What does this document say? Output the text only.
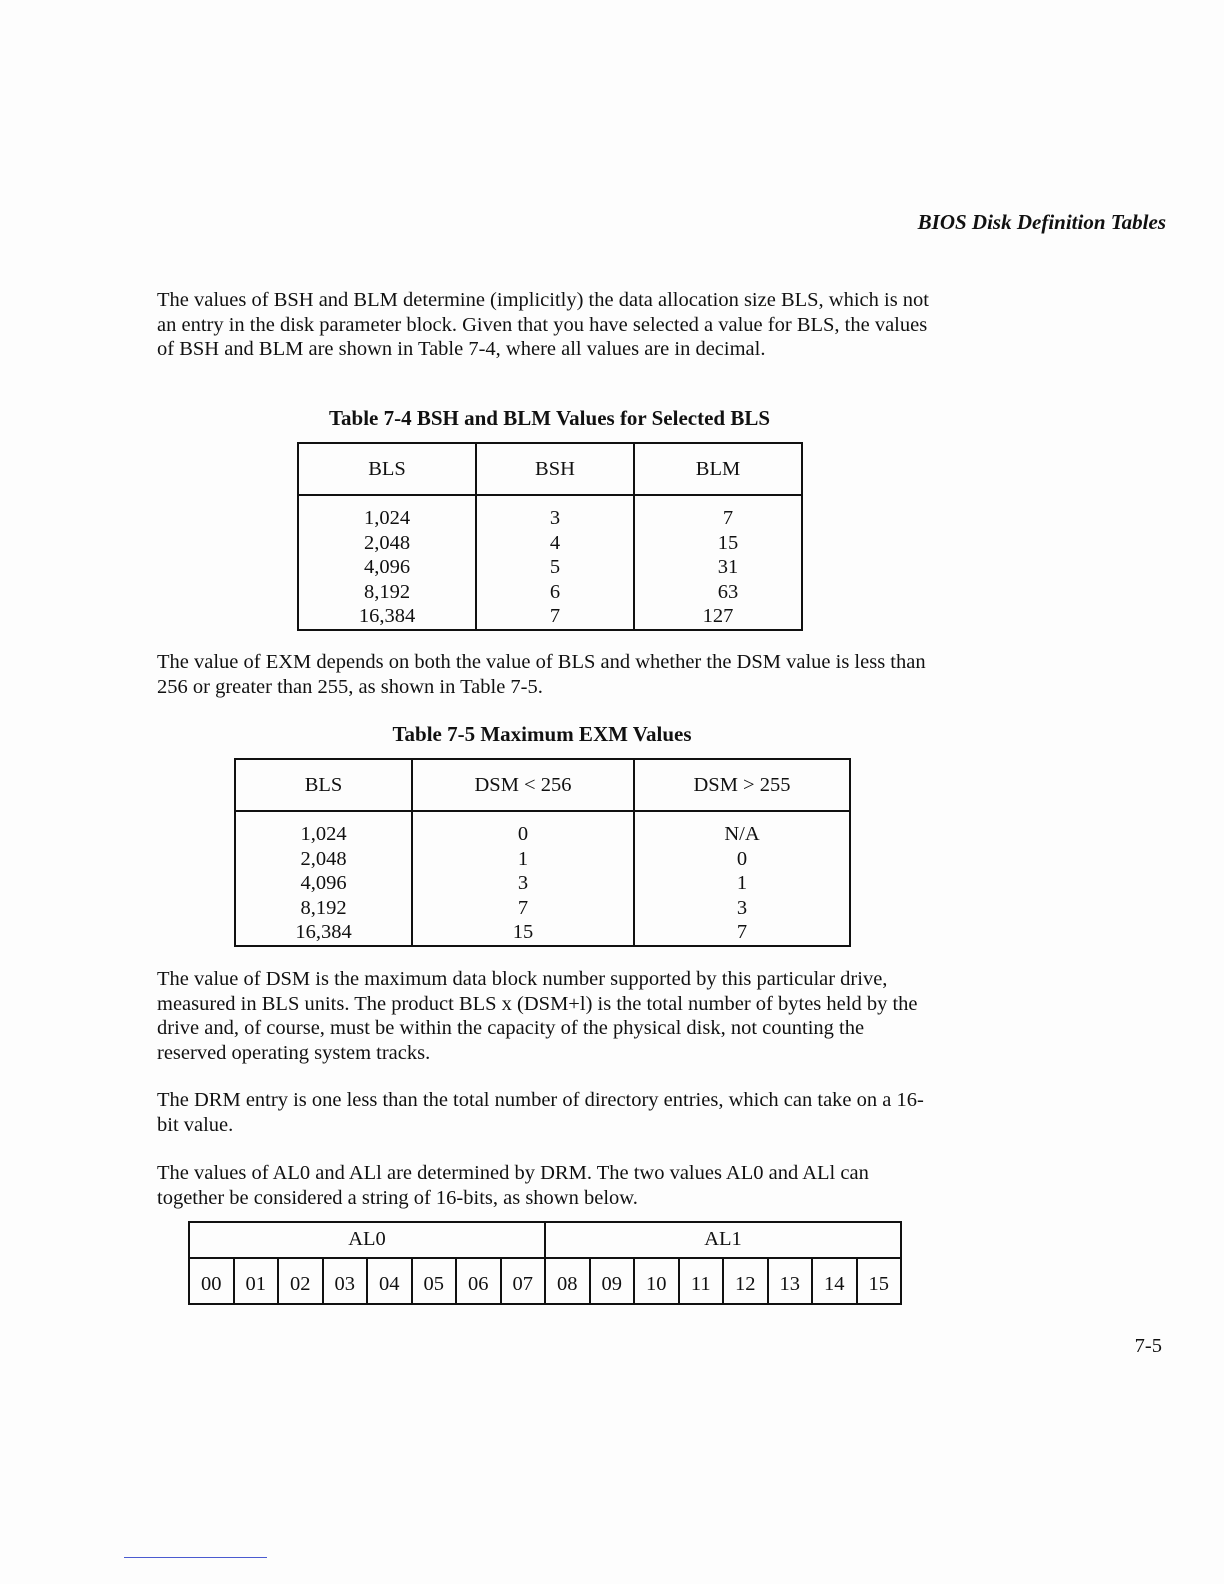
BIOS Disk Definition Tables

The values of BSH and BLM determine (implicitly) the data allocation size BLS, which is not an entry in the disk parameter block. Given that you have selected a value for BLS, the values of BSH and BLM are shown in Table 7-4, where all values are in decimal.

Table 7-4 BSH and BLM Values for Selected BLS
BLS	BSH	BLM
1,024	3	7
2,048	4	15
4,096	5	31
8,192	6	63
16,384	7	127

The value of EXM depends on both the value of BLS and whether the DSM value is less than 256 or greater than 255, as shown in Table 7-5.

Table 7-5 Maximum EXM Values
BLS	DSM < 256	DSM > 255
1,024	0	N/A
2,048	1	0
4,096	3	1
8,192	7	3
16,384	15	7

The value of DSM is the maximum data block number supported by this particular drive, measured in BLS units. The product BLS x (DSM+l) is the total number of bytes held by the drive and, of course, must be within the capacity of the physical disk, not counting the reserved operating system tracks.

The DRM entry is one less than the total number of directory entries, which can take on a 16-bit value.

The values of AL0 and ALl are determined by DRM. The two values AL0 and ALl can together be considered a string of 16-bits, as shown below.

AL0	AL1
00	01	02	03	04	05	06	07	08	09	10	11	12	13	14	15
7-5
